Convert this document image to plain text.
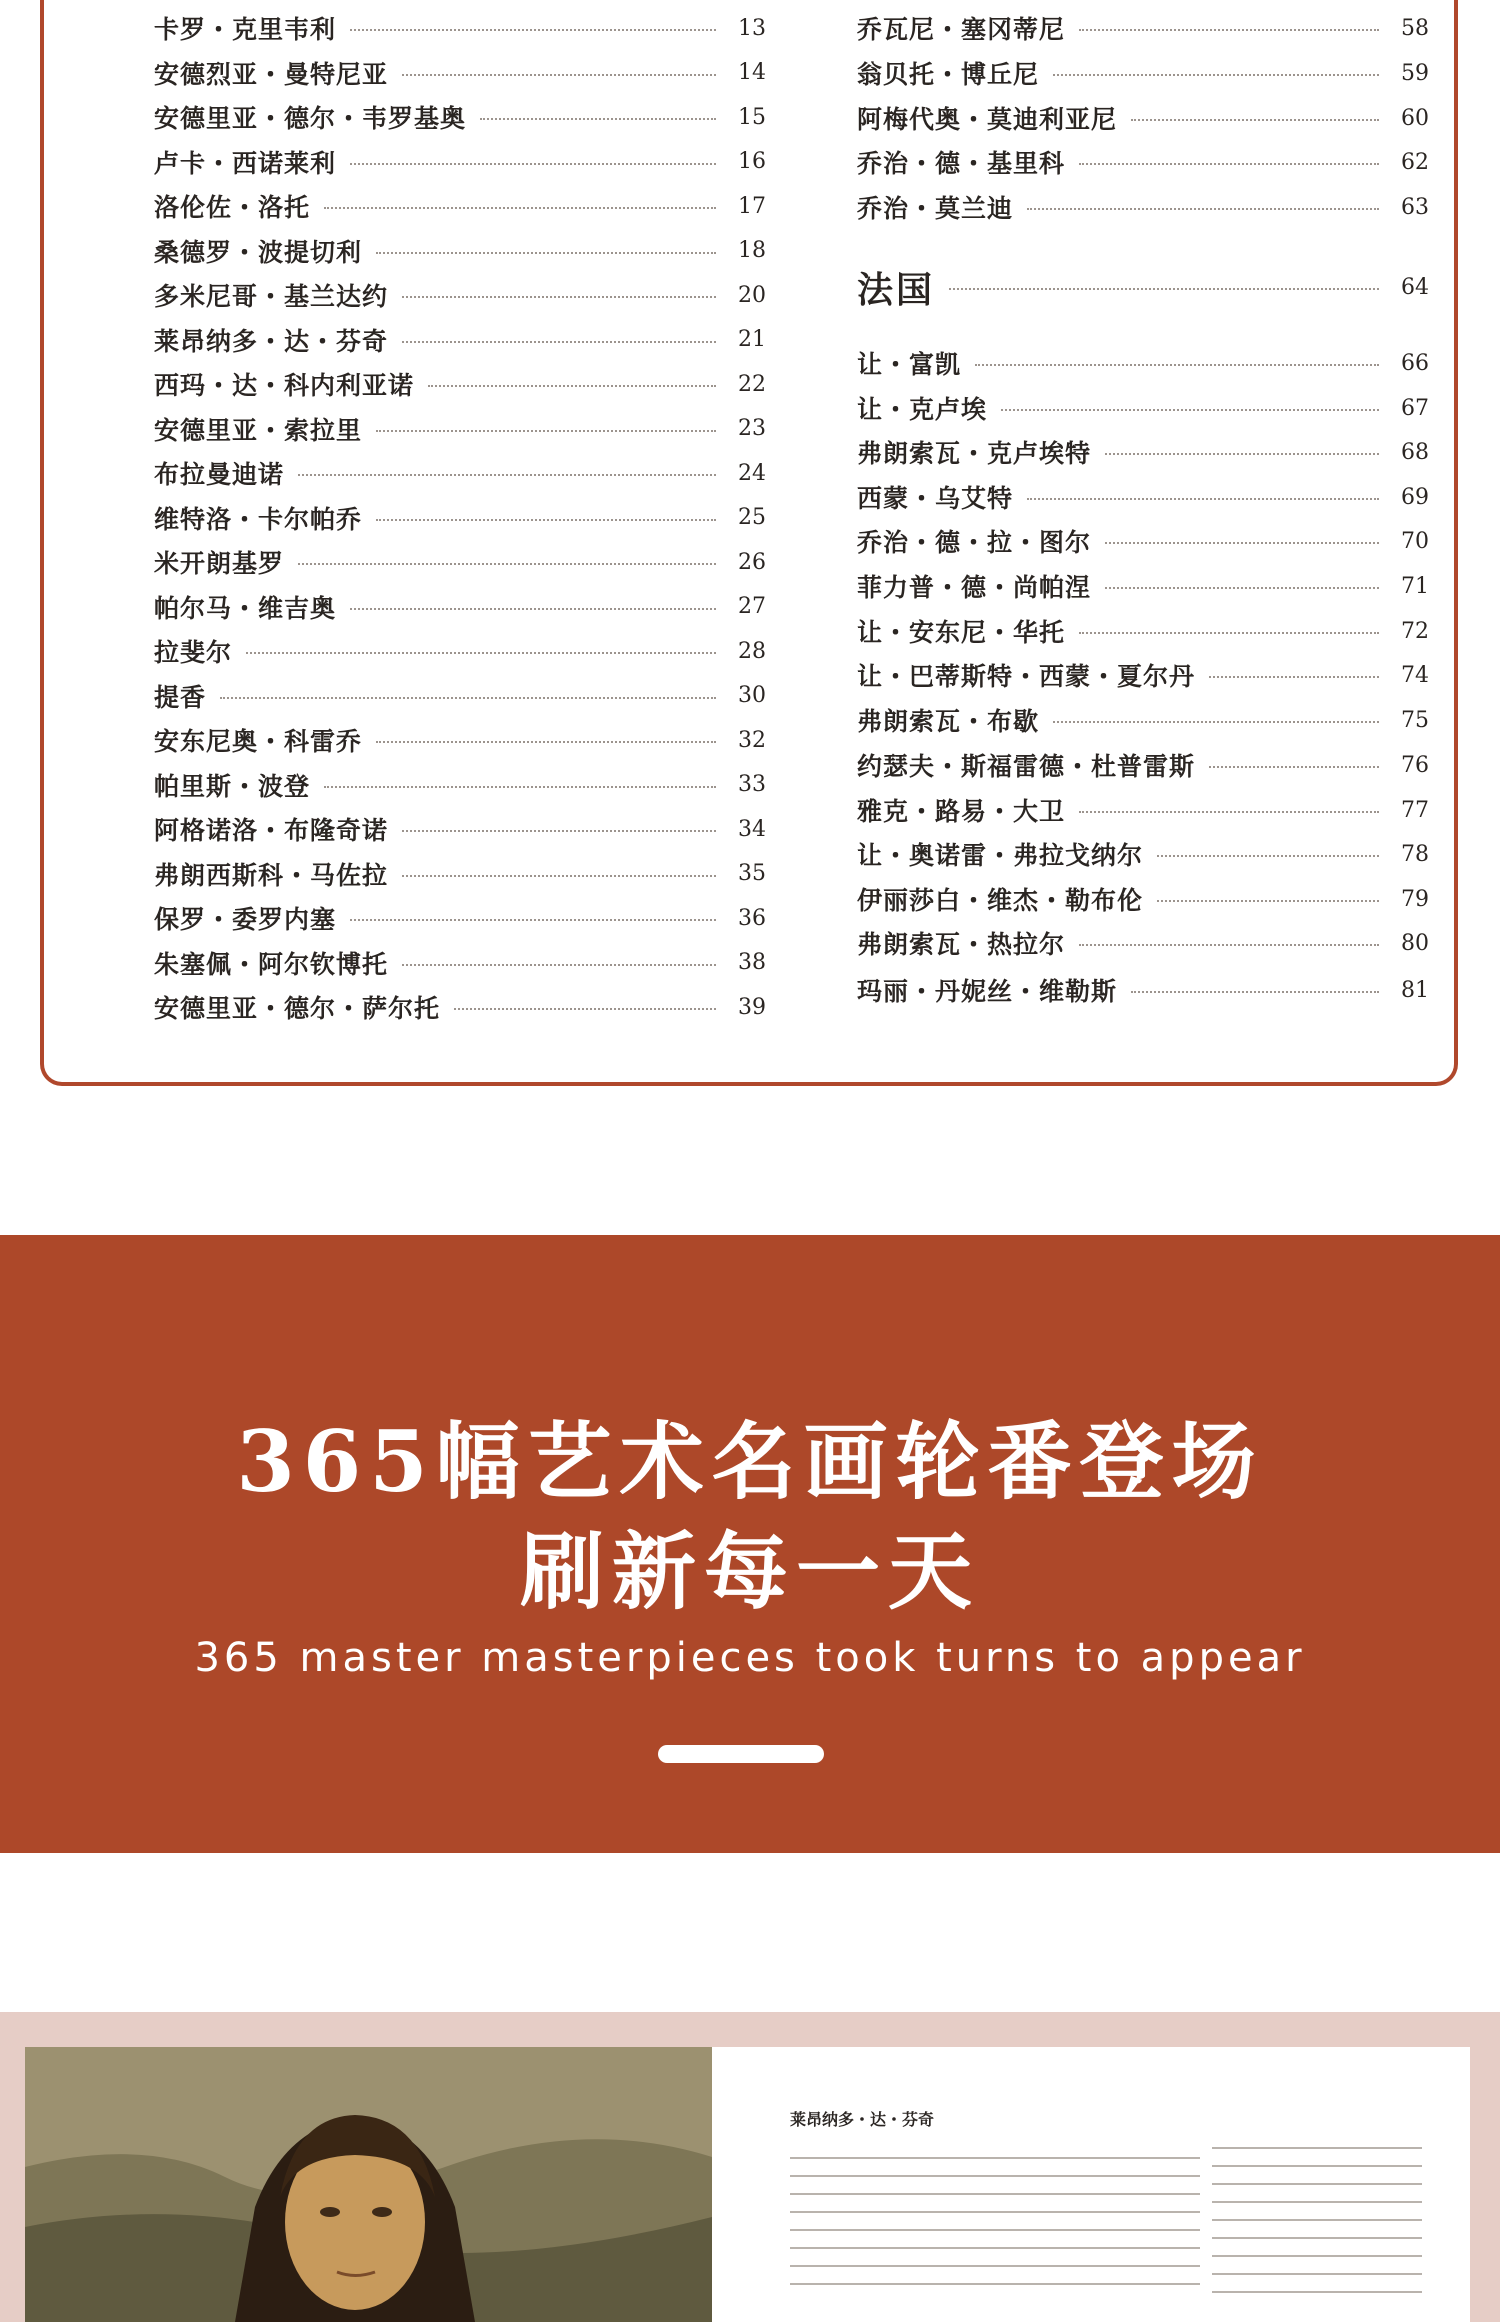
卡罗・克里韦利	13
安德烈亚・曼特尼亚	14
安德里亚・德尔・韦罗基奥	15
卢卡・西诺莱利	16
洛伦佐・洛托	17
桑德罗・波提切利	18
多米尼哥・基兰达约	20
莱昂纳多・达・芬奇	21
西玛・达・科内利亚诺	22
安德里亚・索拉里	23
布拉曼迪诺	24
维特洛・卡尔帕乔	25
米开朗基罗	26
帕尔马・维吉奥	27
拉斐尔	28
提香	30
安东尼奥・科雷乔	32
帕里斯・波登	33
阿格诺洛・布隆奇诺	34
弗朗西斯科・马佐拉	35
保罗・委罗内塞	36
朱塞佩・阿尔钦博托	38
安德里亚・德尔・萨尔托	39
乔瓦尼・塞冈蒂尼	58
翁贝托・博丘尼	59
阿梅代奥・莫迪利亚尼	60
乔治・德・基里科	62
乔治・莫兰迪	63
法国	64
让・富凯	66
让・克卢埃	67
弗朗索瓦・克卢埃特	68
西蒙・乌艾特	69
乔治・德・拉・图尔	70
菲力普・德・尚帕涅	71
让・安东尼・华托	72
让・巴蒂斯特・西蒙・夏尔丹	74
弗朗索瓦・布歇	75
约瑟夫・斯福雷德・杜普雷斯	76
雅克・路易・大卫	77
让・奥诺雷・弗拉戈纳尔	78
伊丽莎白・维杰・勒布伦	79
弗朗索瓦・热拉尔	80
玛丽・丹妮丝・维勒斯	81
365幅艺术名画轮番登场
刷新每一天
365 master masterpieces took turns to appear
莱昂纳多・达・芬奇
